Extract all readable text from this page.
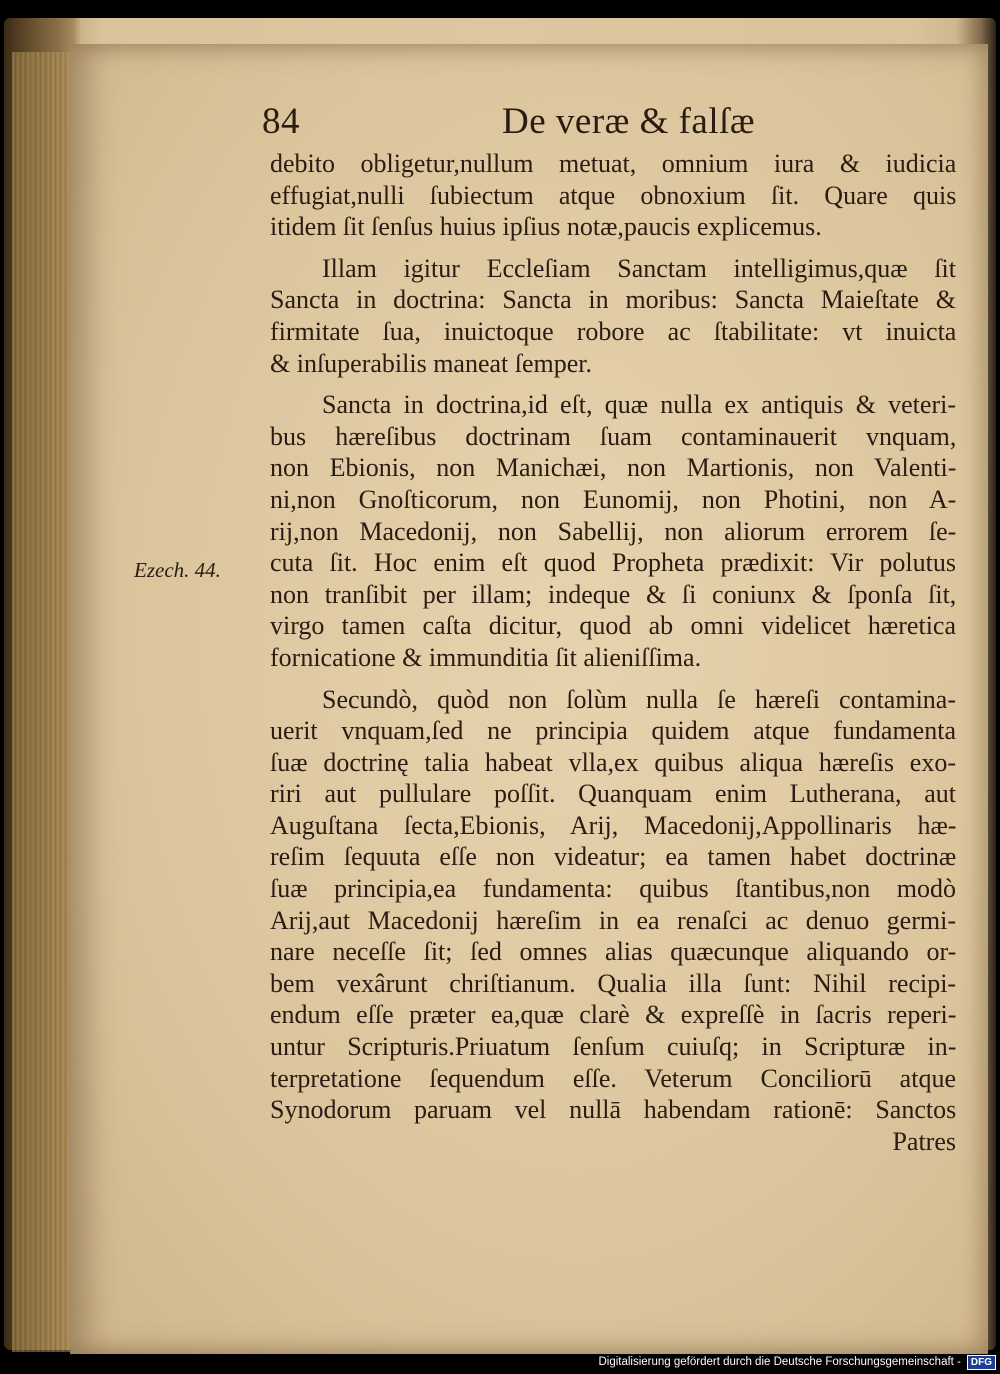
84	De veræ & falſæ
Ezech. 44.
debito obligetur,nullum metuat, omnium iura & iudicia
effugiat,nulli ſubiectum atque obnoxium ſit. Quare quis
itidem ſit ſenſus huius ipſius notæ,paucis explicemus.
Illam igitur Eccleſiam Sanctam intelligimus,quæ ſit
Sancta in doctrina: Sancta in moribus: Sancta Maieſtate &
firmitate ſua, inuictoque robore ac ſtabilitate: vt inuicta
& inſuperabilis maneat ſemper.
Sancta in doctrina,id eſt, quæ nulla ex antiquis & veteri-
bus hæreſibus doctrinam ſuam contaminauerit vnquam,
non Ebionis, non Manichæi, non Martionis, non Valenti-
ni,non Gnoſticorum, non Eunomij, non Photini, non A-
rij,non Macedonij, non Sabellij, non aliorum errorem ſe-
cuta ſit. Hoc enim eſt quod Propheta prædixit: Vir polutus
non tranſibit per illam; indeque & ſi coniunx & ſponſa ſit,
virgo tamen caſta dicitur, quod ab omni videlicet hæretica
fornicatione & immunditia ſit alieniſſima.
Secundò, quòd non ſolùm nulla ſe hæreſi contamina-
uerit vnquam,ſed ne principia quidem atque fundamenta
ſuæ doctrinę talia habeat vlla,ex quibus aliqua hæreſis exo-
riri aut pullulare poſſit. Quanquam enim Lutherana, aut
Auguſtana ſecta,Ebionis, Arij, Macedonij,Appollinaris hæ-
reſim ſequuta eſſe non videatur; ea tamen habet doctrinæ
ſuæ principia,ea fundamenta: quibus ſtantibus,non modò
Arij,aut Macedonij hæreſim in ea renaſci ac denuo germi-
nare neceſſe ſit; ſed omnes alias quæcunque aliquando or-
bem vexârunt chriſtianum. Qualia illa ſunt: Nihil recipi-
endum eſſe præter ea,quæ clarè & expreſſè in ſacris reperi-
untur Scripturis.Priuatum ſenſum cuiuſq; in Scripturæ in-
terpretatione ſequendum eſſe. Veterum Conciliorū atque
Synodorum paruam vel nullā habendam rationē: Sanctos
Patres
Digitalisierung gefördert durch die Deutsche Forschungsgemeinschaft -	DFG
